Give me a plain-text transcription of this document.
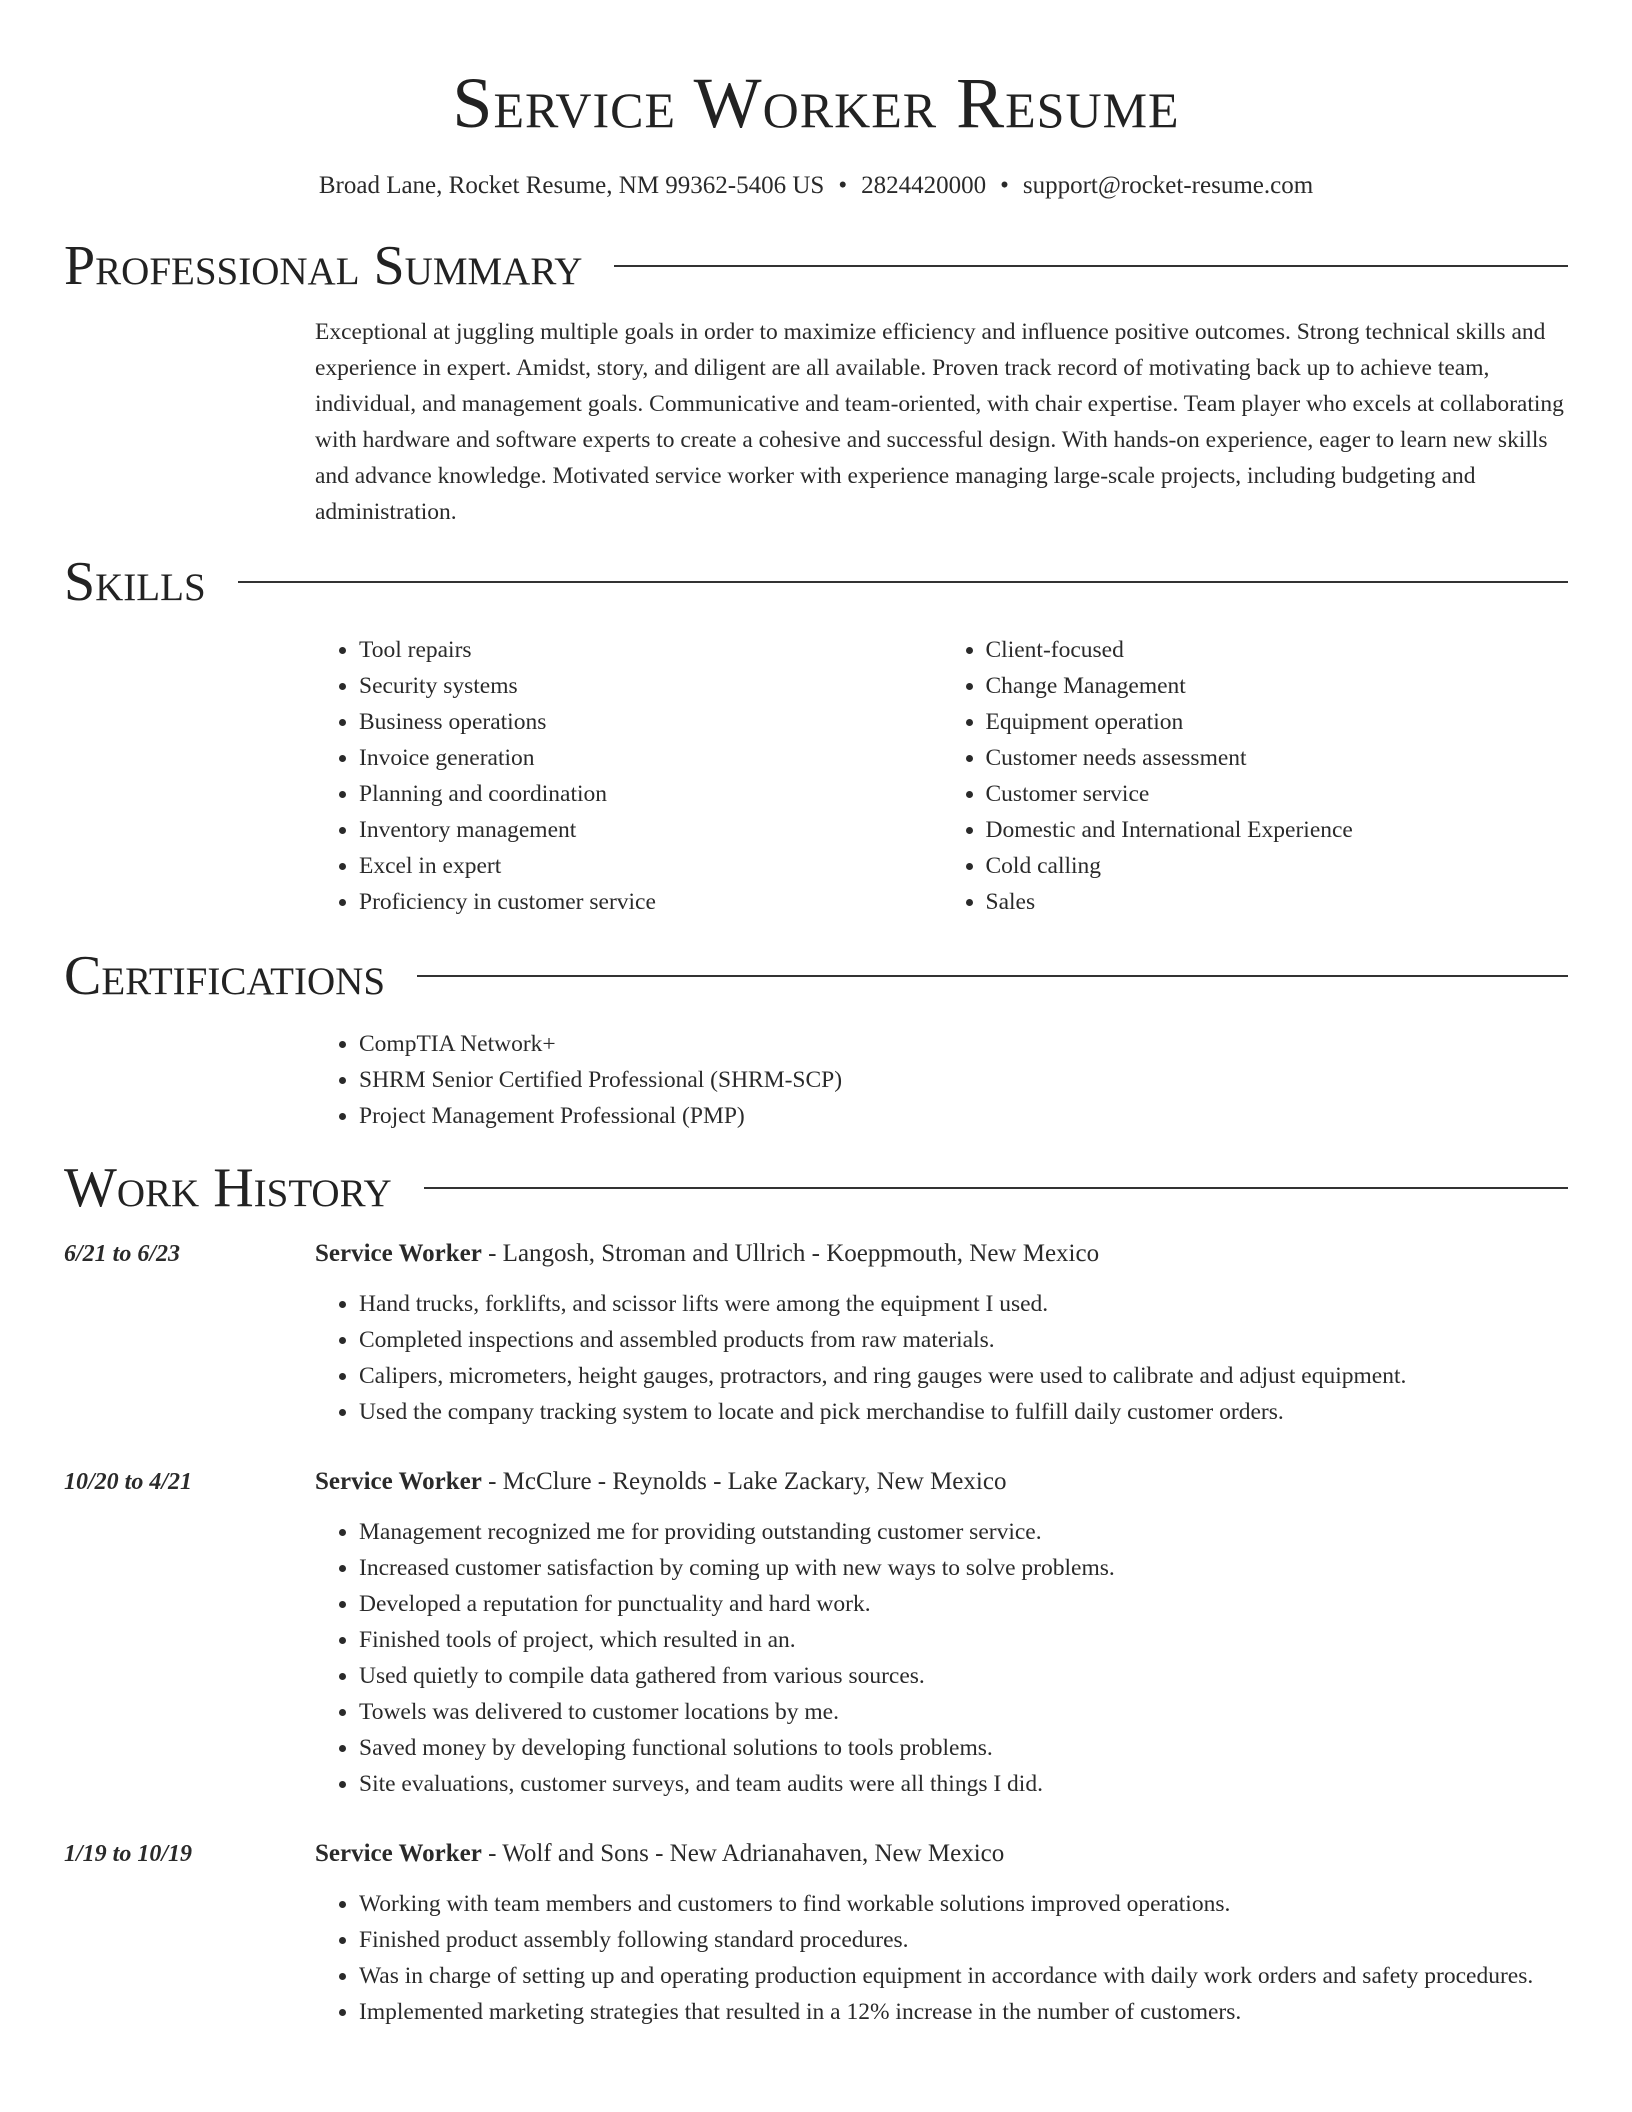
Service Worker Resume
Broad Lane, Rocket Resume, NM 99362-5406 US • 2824420000 • support@rocket-resume.com
Professional Summary
Exceptional at juggling multiple goals in order to maximize efficiency and influence positive outcomes. Strong technical skills and experience in expert. Amidst, story, and diligent are all available. Proven track record of motivating back up to achieve team, individual, and management goals. Communicative and team-oriented, with chair expertise. Team player who excels at collaborating with hardware and software experts to create a cohesive and successful design. With hands-on experience, eager to learn new skills and advance knowledge. Motivated service worker with experience managing large-scale projects, including budgeting and administration.
Skills
• Tool repairs
• Security systems
• Business operations
• Invoice generation
• Planning and coordination
• Inventory management
• Excel in expert
• Proficiency in customer service
• Client-focused
• Change Management
• Equipment operation
• Customer needs assessment
• Customer service
• Domestic and International Experience
• Cold calling
• Sales
Certifications
• CompTIA Network+
• SHRM Senior Certified Professional (SHRM-SCP)
• Project Management Professional (PMP)
Work History
6/21 to 6/23	Service Worker - Langosh, Stroman and Ullrich - Koeppmouth, New Mexico
• Hand trucks, forklifts, and scissor lifts were among the equipment I used.
• Completed inspections and assembled products from raw materials.
• Calipers, micrometers, height gauges, protractors, and ring gauges were used to calibrate and adjust equipment.
• Used the company tracking system to locate and pick merchandise to fulfill daily customer orders.
10/20 to 4/21	Service Worker - McClure - Reynolds - Lake Zackary, New Mexico
• Management recognized me for providing outstanding customer service.
• Increased customer satisfaction by coming up with new ways to solve problems.
• Developed a reputation for punctuality and hard work.
• Finished tools of project, which resulted in an.
• Used quietly to compile data gathered from various sources.
• Towels was delivered to customer locations by me.
• Saved money by developing functional solutions to tools problems.
• Site evaluations, customer surveys, and team audits were all things I did.
1/19 to 10/19	Service Worker - Wolf and Sons - New Adrianahaven, New Mexico
• Working with team members and customers to find workable solutions improved operations.
• Finished product assembly following standard procedures.
• Was in charge of setting up and operating production equipment in accordance with daily work orders and safety procedures.
• Implemented marketing strategies that resulted in a 12% increase in the number of customers.
